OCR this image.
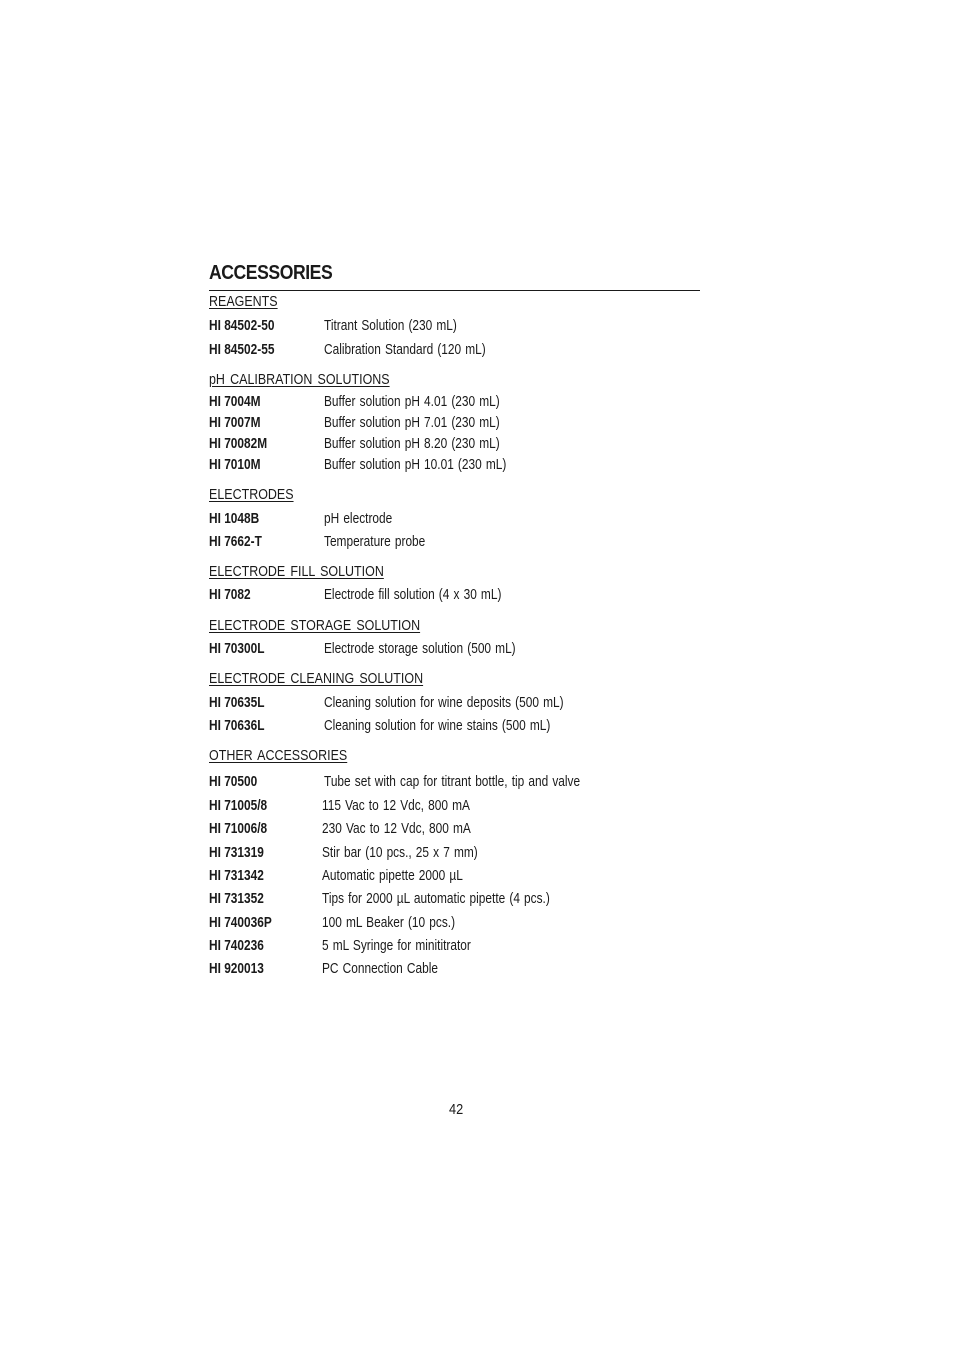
ACCESSORIES
REAGENTS
HI 84502-50	Titrant Solution (230 mL)
HI 84502-55	Calibration Standard (120 mL)
pH CALIBRATION SOLUTIONS
HI 7004M	Buffer solution pH 4.01 (230 mL)
HI 7007M	Buffer solution pH 7.01 (230 mL)
HI 70082M	Buffer solution pH 8.20 (230 mL)
HI 7010M	Buffer solution pH 10.01 (230 mL)
ELECTRODES
HI 1048B	pH electrode
HI 7662-T	Temperature probe
ELECTRODE FILL SOLUTION
HI 7082	Electrode fill solution (4 x 30 mL)
ELECTRODE STORAGE SOLUTION
HI 70300L	Electrode storage solution (500 mL)
ELECTRODE CLEANING SOLUTION
HI 70635L	Cleaning solution for wine deposits (500 mL)
HI 70636L	Cleaning solution for wine stains (500 mL)
OTHER ACCESSORIES
HI 70500	Tube set with cap for titrant bottle, tip and valve
HI 71005/8	115 Vac to 12 Vdc, 800 mA
HI 71006/8	230 Vac to 12 Vdc, 800 mA
HI 731319	Stir bar (10 pcs., 25 x 7 mm)
HI 731342	Automatic pipette 2000 µL
HI 731352	Tips for 2000 µL automatic pipette (4 pcs.)
HI 740036P	100 mL Beaker (10 pcs.)
HI 740236	5 mL Syringe for minititrator
HI 920013	PC Connection Cable
42
